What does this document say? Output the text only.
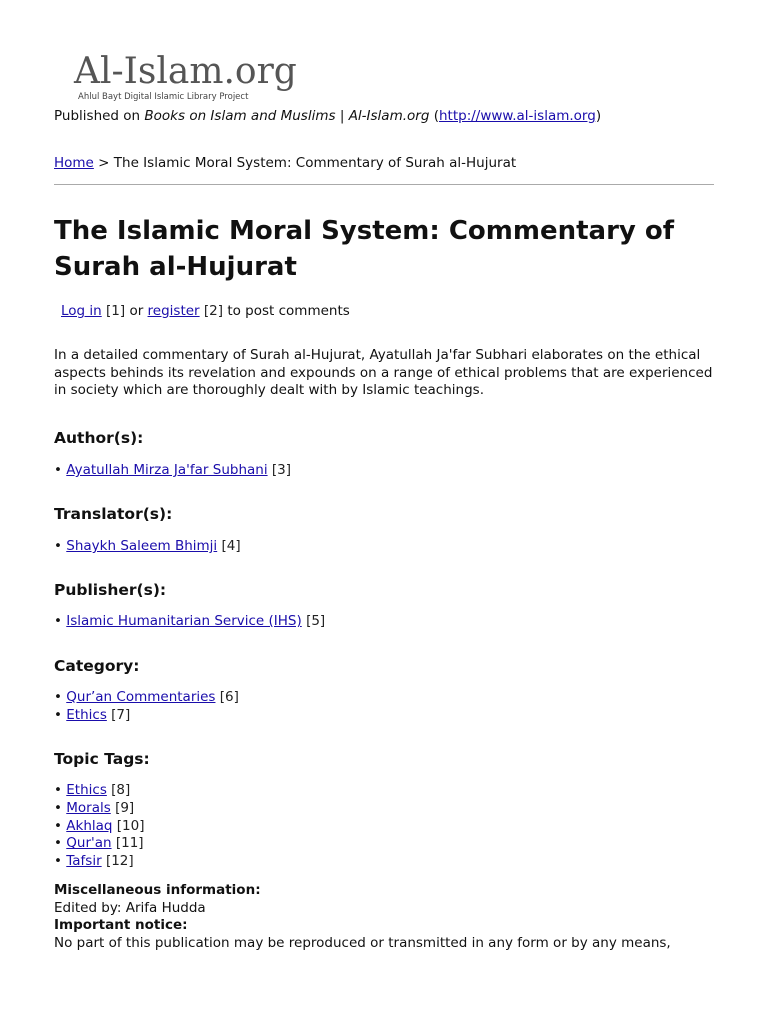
Al-Islam.org
Ahlul Bayt Digital Islamic Library Project
Published on Books on Islam and Muslims | Al-Islam.org (http://www.al-islam.org)
Home > The Islamic Moral System: Commentary of Surah al-Hujurat
The Islamic Moral System: Commentary of Surah al-Hujurat
Log in [1] or register [2] to post comments

In a detailed commentary of Surah al-Hujurat, Ayatullah Ja'far Subhari elaborates on the ethical aspects behinds its revelation and expounds on a range of ethical problems that are experienced in society which are thoroughly dealt with by Islamic teachings.

Author(s):
• Ayatullah Mirza Ja'far Subhani [3]
Translator(s):
• Shaykh Saleem Bhimji [4]
Publisher(s):
• Islamic Humanitarian Service (IHS) [5]
Category:
• Qur’an Commentaries [6]
• Ethics [7]
Topic Tags:
• Ethics [8]
• Morals [9]
• Akhlaq [10]
• Qur'an [11]
• Tafsir [12]
Miscellaneous information:
Edited by: Arifa Hudda
Important notice:
No part of this publication may be reproduced or transmitted in any form or by any means,
